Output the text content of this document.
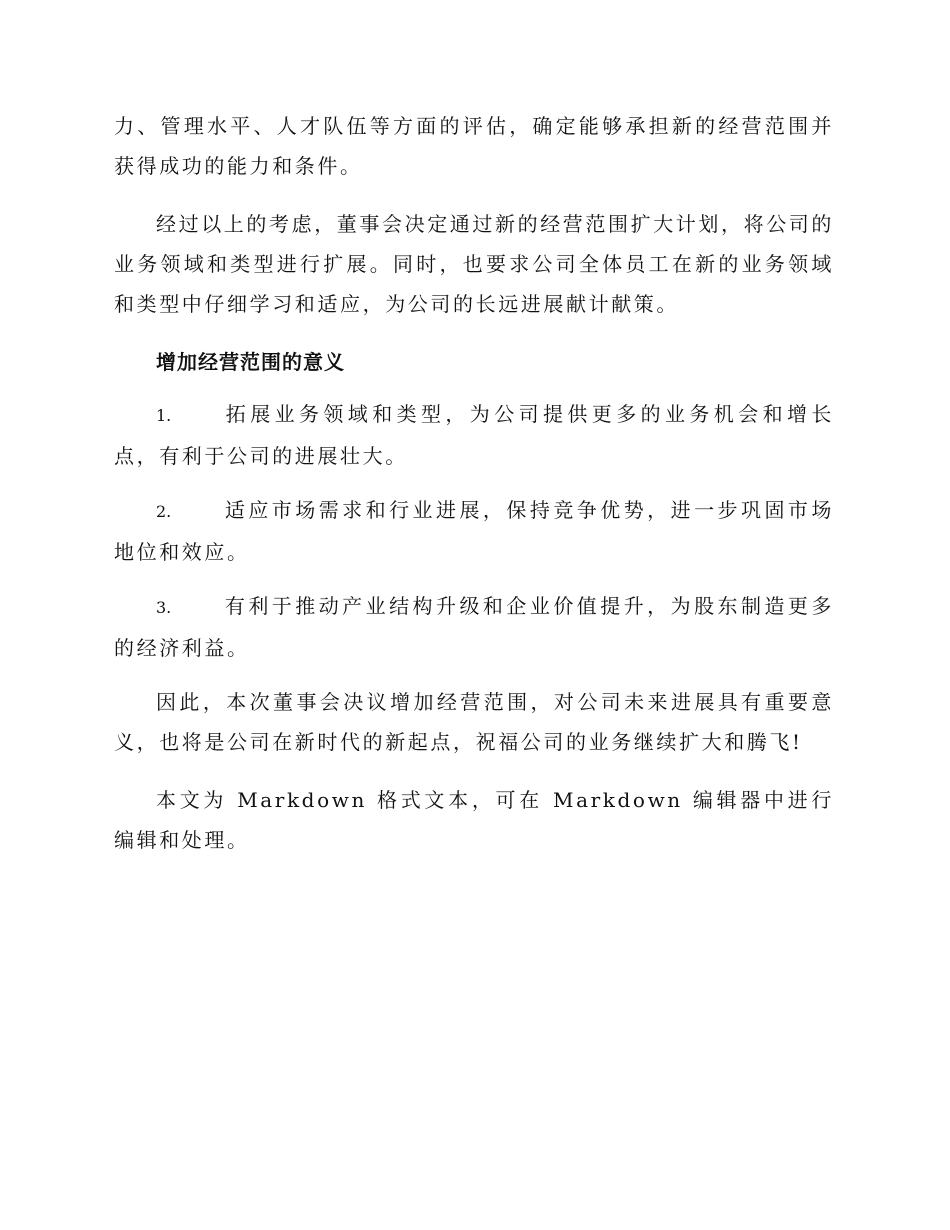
力、管理水平、人才队伍等方面的评估，确定能够承担新的经营范围并获得成功的能力和条件。

经过以上的考虑，董事会决定通过新的经营范围扩大计划，将公司的业务领域和类型进行扩展。同时，也要求公司全体员工在新的业务领域和类型中仔细学习和适应，为公司的长远进展献计献策。

增加经营范围的意义

1.	拓展业务领域和类型，为公司提供更多的业务机会和增长点，有利于公司的进展壮大。

2.	适应市场需求和行业进展，保持竞争优势，进一步巩固市场地位和效应。

3.	有利于推动产业结构升级和企业价值提升，为股东制造更多的经济利益。

因此，本次董事会决议增加经营范围，对公司未来进展具有重要意义，也将是公司在新时代的新起点，祝福公司的业务继续扩大和腾飞!

本文为 Markdown 格式文本，可在 Markdown 编辑器中进行编辑和处理。
